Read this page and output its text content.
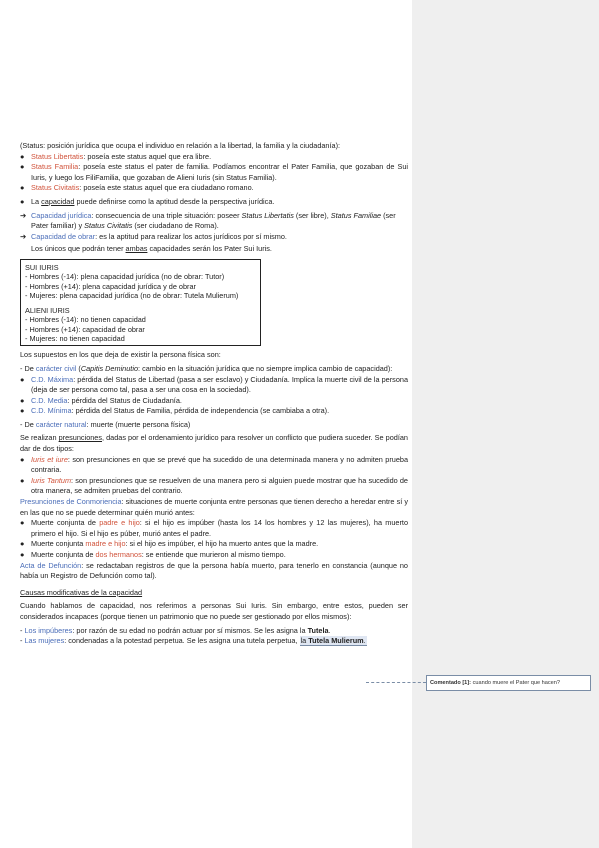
Comentado [1]: cuando muere el Pater que hacen?

(Status: posición jurídica que ocupa el individuo en relación a la libertad, la familia y la ciudadanía):

● Status Libertatis: poseía este status aquel que era libre.

● Status Familia: poseía este status el pater de familia. Podíamos encontrar el Pater Familia, que gozaban de Sui Iuris, y luego los FiliFamilia, que gozaban de Alieni Iuris (sin Status Familia).

● Status Civitatis: poseía este status aquel que era ciudadano romano.

● La capacidad puede definirse como la aptitud desde la perspectiva jurídica.

➔ Capacidad jurídica: consecuencia de una triple situación: poseer Status Libertatis (ser libre), Status Familiae (ser Pater familiar) y Status Civitatis (ser ciudadano de Roma).

➔ Capacidad de obrar: es la aptitud para realizar los actos jurídicos por sí mismo.

Los únicos que podrán tener ambas capacidades serán los Pater Sui Iuris.

SUI IURIS

- Hombres (-14): plena capacidad jurídica (no de obrar: Tutor)

- Hombres (+14): plena capacidad jurídica y de obrar

- Mujeres: plena capacidad jurídica (no de obrar: Tutela Mulierum)

ALIENI IURIS

- Hombres (-14): no tienen capacidad

- Hombres (+14): capacidad de obrar

- Mujeres: no tienen capacidad

Los supuestos en los que deja de existir la persona física son:

- De carácter civil (Capitis Deminutio: cambio en la situación jurídica que no siempre implica cambio de capacidad):

● C.D. Máxima: pérdida del Status de Libertad (pasa a ser esclavo) y Ciudadanía. Implica la muerte civil de la persona (deja de ser persona como tal, pasa a ser una cosa en la sociedad).

● C.D. Media: pérdida del Status de Ciudadanía.

● C.D. Mínima: pérdida del Status de Familia, pérdida de independencia (se cambiaba a otra).

- De carácter natural: muerte (muerte persona física)

Se realizan presunciones, dadas por el ordenamiento jurídico para resolver un conflicto que pudiera suceder. Se podían dar de dos tipos:

● Iuris et iure: son presunciones en que se prevé que ha sucedido de una determinada manera y no admiten prueba contraria.

● Iuris Tantum: son presunciones que se resuelven de una manera pero si alguien puede mostrar que ha sucedido de otra manera, se admiten pruebas del contrario.

Presunciones de Conmoriencia: situaciones de muerte conjunta entre personas que tienen derecho a heredar entre sí y en las que no se puede determinar quién murió antes:

● Muerte conjunta de padre e hijo: si el hijo es impúber (hasta los 14 los hombres y 12 las mujeres), ha muerto primero el hijo. Si el hijo es púber, murió antes el padre.

● Muerte conjunta madre e hijo: si el hijo es impúber, el hijo ha muerto antes que la madre.

● Muerte conjunta de dos hermanos: se entiende que murieron al mismo tiempo.

Acta de Defunción: se redactaban registros de que la persona había muerto, para tenerlo en constancia (aunque no había un Registro de Defunción como tal).

Causas modificativas de la capacidad

Cuando hablamos de capacidad, nos referimos a personas Sui Iuris. Sin embargo, entre estos, pueden ser considerados incapaces (porque tienen un patrimonio que no puede ser gestionado por ellos mismos):

- Los impúberes: por razón de su edad no podrán actuar por sí mismos. Se les asigna la Tutela.

- Las mujeres: condenadas a la potestad perpetua. Se les asigna una tutela perpetua, la Tutela Mulierum.
